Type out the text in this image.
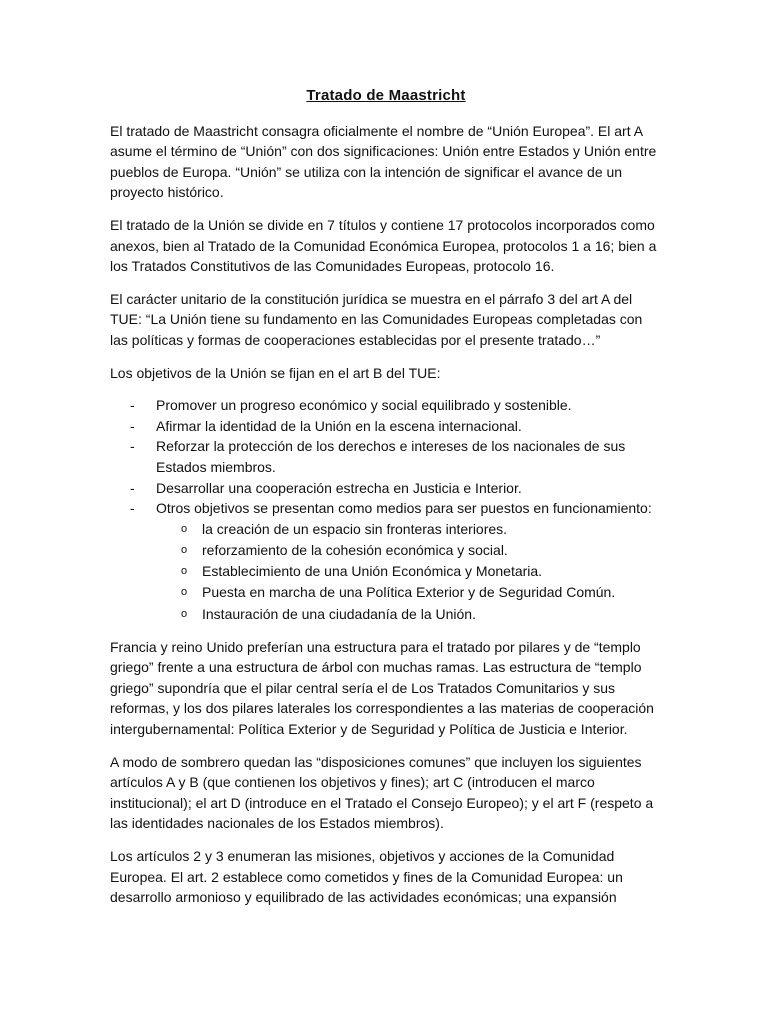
Tratado de Maastricht

El tratado de Maastricht consagra oficialmente el nombre de “Unión Europea”. El art A asume el término de “Unión” con dos significaciones: Unión entre Estados y Unión entre pueblos de Europa. “Unión” se utiliza con la intención de significar el avance de un proyecto histórico.

El tratado de la Unión se divide en 7 títulos y contiene 17 protocolos incorporados como anexos, bien al Tratado de la Comunidad Económica Europea, protocolos 1 a 16; bien a los Tratados Constitutivos de las Comunidades Europeas, protocolo 16.

El carácter unitario de la constitución jurídica se muestra en el párrafo 3 del art A del TUE: “La Unión tiene su fundamento en las Comunidades Europeas completadas con las políticas y formas de cooperaciones establecidas por el presente tratado…”

Los objetivos de la Unión se fijan en el art B del TUE:

- Promover un progreso económico y social equilibrado y sostenible.
- Afirmar la identidad de la Unión en la escena internacional.
- Reforzar la protección de los derechos e intereses de los nacionales de sus Estados miembros.
- Desarrollar una cooperación estrecha en Justicia e Interior.
- Otros objetivos se presentan como medios para ser puestos en funcionamiento:
o la creación de un espacio sin fronteras interiores.
o reforzamiento de la cohesión económica y social.
o Establecimiento de una Unión Económica y Monetaria.
o Puesta en marcha de una Política Exterior y de Seguridad Común.
o Instauración de una ciudadanía de la Unión.

Francia y reino Unido preferían una estructura para el tratado por pilares y de “templo griego” frente a una estructura de árbol con muchas ramas. Las estructura de “templo griego” supondría que el pilar central sería el de Los Tratados Comunitarios y sus reformas, y los dos pilares laterales los correspondientes a las materias de cooperación intergubernamental: Política Exterior y de Seguridad y Política de Justicia e Interior.

A modo de sombrero quedan las “disposiciones comunes” que incluyen los siguientes artículos A y B (que contienen los objetivos y fines); art C (introducen el marco institucional); el art D (introduce en el Tratado el Consejo Europeo); y el art F (respeto a las identidades nacionales de los Estados miembros).

Los artículos 2 y 3 enumeran las misiones, objetivos y acciones de la Comunidad Europea. El art. 2 establece como cometidos y fines de la Comunidad Europea: un desarrollo armonioso y equilibrado de las actividades económicas; una expansión
